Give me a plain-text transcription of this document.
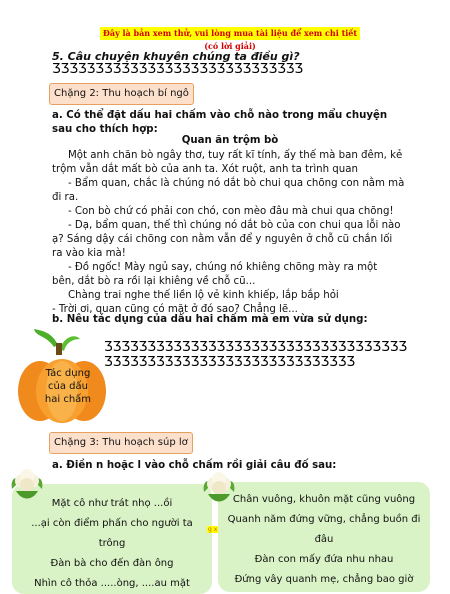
Đây là bản xem thử, vui lòng mua tài liệu để xem chi tiết (có lời giải)
5. Câu chuyện khuyên chúng ta điều gì?
ƷƷƷƷƷƷƷƷƷƷƷƷƷƷƷƷƷƷƷƷƷƷƷƷƷƷƷƷƷ
Chặng 2: Thu hoạch bí ngô
a. Có thể đặt dấu hai chấm vào chỗ nào trong mẩu chuyện sau cho thích hợp:
Quan ăn trộm bò
Một anh chăn bò ngây thơ, tuy rất kĩ tính, ấy thế mà ban đêm, kẻ
trộm vẫn dắt mất bò của anh ta. Xót ruột, anh ta trình quan
- Bẩm quan, chắc là chúng nó dắt bò chui qua chõng con nằm mà
đi ra.
- Con bò chứ có phải con chó, con mèo đâu mà chui qua chõng!
- Dạ, bẩm quan, thế thì chúng nó dắt bò của con chui qua lỗi nào
ạ? Sáng dậy cái chõng con nằm vẫn để y nguyên ở chỗ cũ chắn lối
ra vào kia mà!
- Đồ ngốc! Mày ngủ say, chúng nó khiêng chõng mày ra một
bên, dắt bò ra rồi lại khiêng về chỗ cũ...
Chàng trai nghe thế liền lộ vẻ kinh khiếp, lắp bắp hỏi
- Trời ơi, quan cũng có mặt ở đó sao? Chẳng lẽ...
b. Nêu tác dụng của dấu hai chấm mà em vừa sử dụng:
Tác dụng của dấu hai chấm
ƷƷƷƷƷƷƷƷƷƷƷƷƷƷƷƷƷƷƷƷƷƷƷƷƷƷƷƷƷƷƷƷƷƷƷ
ƷƷƷƷƷƷƷƷƷƷƷƷƷƷƷƷƷƷƷƷƷƷƷƷƷƷƷƷƷ
Chặng 3: Thu hoạch súp lơ
a. Điền n hoặc l vào chỗ chấm rồi giải câu đố sau:
Mặt cô như trát nhọ ...ồi
...ại còn điểm phấn cho người ta
trông
Đàn bà cho đến đàn ông
Nhìn cô thỏa .....òng, ....au mặt
Chân vuông, khuôn mặt cũng vuông
Quanh năm đứng vững, chẳng buồn đi
đâu
Đàn con mấy đứa nhu nhau
Đứng vây quanh mẹ, chẳng bao giờ
g x
